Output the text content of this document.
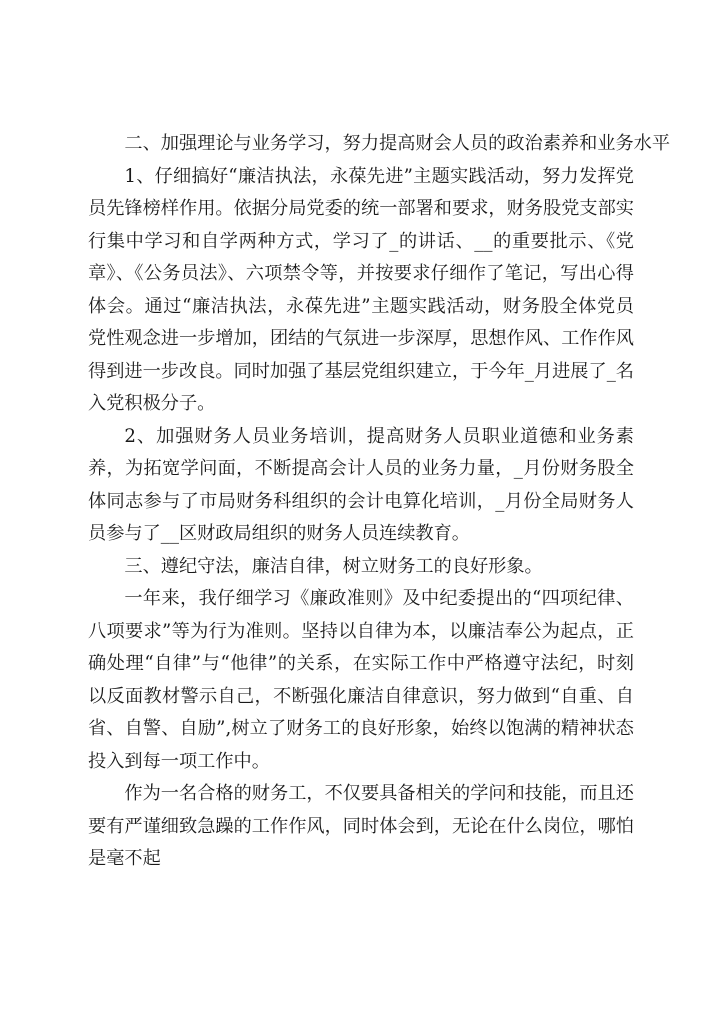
二、加强理论与业务学习，努力提高财会人员的政治素养和业务水平

1、仔细搞好“廉洁执法，永葆先进”主题实践活动，努力发挥党员先锋榜样作用。依据分局党委的统一部署和要求，财务股党支部实行集中学习和自学两种方式，学习了_的讲话、__的重要批示、《党章》、《公务员法》、六项禁令等，并按要求仔细作了笔记，写出心得体会。通过“廉洁执法，永葆先进”主题实践活动，财务股全体党员党性观念进一步增加，团结的气氛进一步深厚，思想作风、工作作风得到进一步改良。同时加强了基层党组织建立，于今年_月进展了_名入党积极分子。

2、加强财务人员业务培训，提高财务人员职业道德和业务素养，为拓宽学问面，不断提高会计人员的业务力量，_月份财务股全体同志参与了市局财务科组织的会计电算化培训，_月份全局财务人员参与了__区财政局组织的财务人员连续教育。

三、遵纪守法，廉洁自律，树立财务工的良好形象。

一年来，我仔细学习《廉政准则》及中纪委提出的“四项纪律、八项要求”等为行为准则。坚持以自律为本，以廉洁奉公为起点，正确处理“自律”与“他律”的关系，在实际工作中严格遵守法纪，时刻以反面教材警示自己，不断强化廉洁自律意识，努力做到“自重、自省、自警、自励”,树立了财务工的良好形象，始终以饱满的精神状态投入到每一项工作中。

作为一名合格的财务工，不仅要具备相关的学问和技能，而且还要有严谨细致急躁的工作作风，同时体会到，无论在什么岗位，哪怕是毫不起
